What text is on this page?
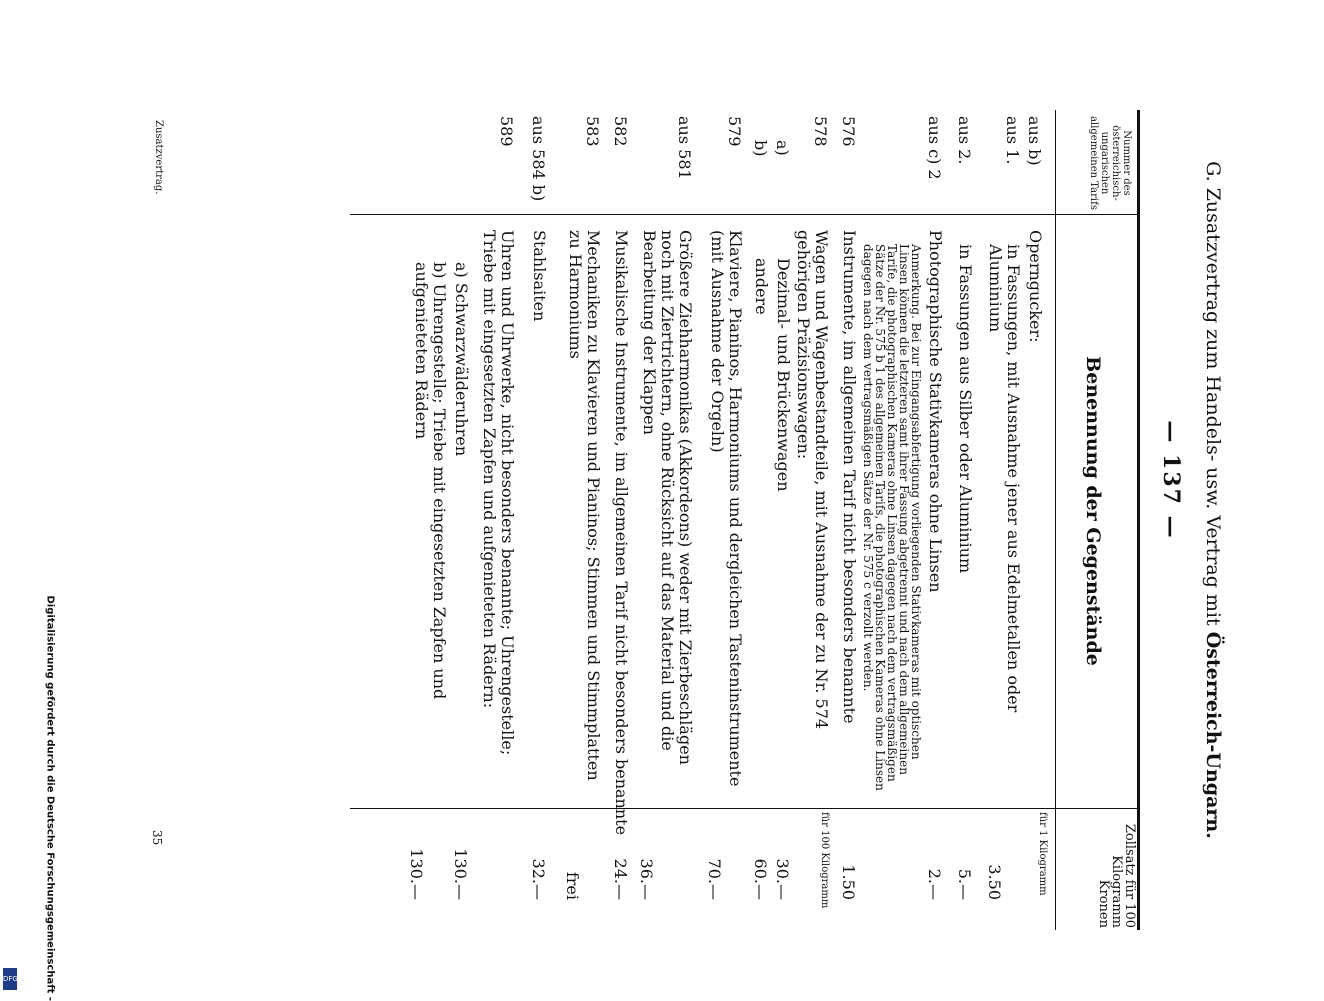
G. Zusatzvertrag zum Handels- usw. Vertrag mit Österreich-Ungarn.
— 137 —
Nummer des österreichisch-ungarischen allgemeinen Tarifs
Benennung der Gegenstände
Zollsatz für 100 Kilogramm Kronen
für 1 Kilogramm
aus b)
Operngucker:
aus 1.
in Fassungen, mit Ausnahme jener aus Edelmetallen oder Aluminium
3.50
aus 2.
in Fassungen aus Silber oder Aluminium
5.—
aus c) 2
Photographische Stativkameras ohne Linsen
2.—
Anmerkung. Bei zur Eingangsabfertigung vorliegenden Stativkameras mit optischen Linsen können die letzteren samt ihrer Fassung abgetrennt und nach dem allgemeinen Tarife, die photographischen Kameras ohne Linsen dagegen nach dem vertragsmäßigen Sätze der Nr. 575 b 1 des allgemeinen Tarifs, die photographischen Kameras ohne Linsen dagegen nach dem vertragsmäßigen Sätze der Nr. 575 c verzollt werden.
576
Instrumente, im allgemeinen Tarif nicht besonders benannte
1.50
578
Wagen und Wagenbestandteile, mit Ausnahme der zu Nr. 574 gehörigen Präzisionswagen:
für 100 Kilogramm
a)
Dezimal- und Brückenwagen
30.—
b)
andere
60.—
579
Klaviere, Pianinos, Harmoniums und dergleichen Tasteninstrumente (mit Ausnahme der Orgeln)
70.—
aus 581
Größere Ziehharmonikas (Akkordeons) weder mit Zierbeschlägen noch mit Ziertrichtern, ohne Rücksicht auf das Material und die Bearbeitung der Klappen
36.—
582
Musikalische Instrumente, im allgemeinen Tarif nicht besonders benannte
24.—
583
Mechaniken zu Klavieren und Pianinos; Stimmen und Stimmplatten zu Harmoniums
frei
aus 584 b)
Stahlsaiten
32.—
589
Uhren und Uhrwerke, nicht besonders benannte; Uhrengestelle; Triebe mit eingesetzten Zapfen und aufgenieteten Rädern:
a) Schwarzwälderuhren
130.—
b) Uhrengestelle; Triebe mit eingesetzten Zapfen und aufgenieteten Rädern
130.—
Zusatzvertrag.
35
Digitalisierung gefördert durch die Deutsche Forschungsgemeinschaft -
DFG
